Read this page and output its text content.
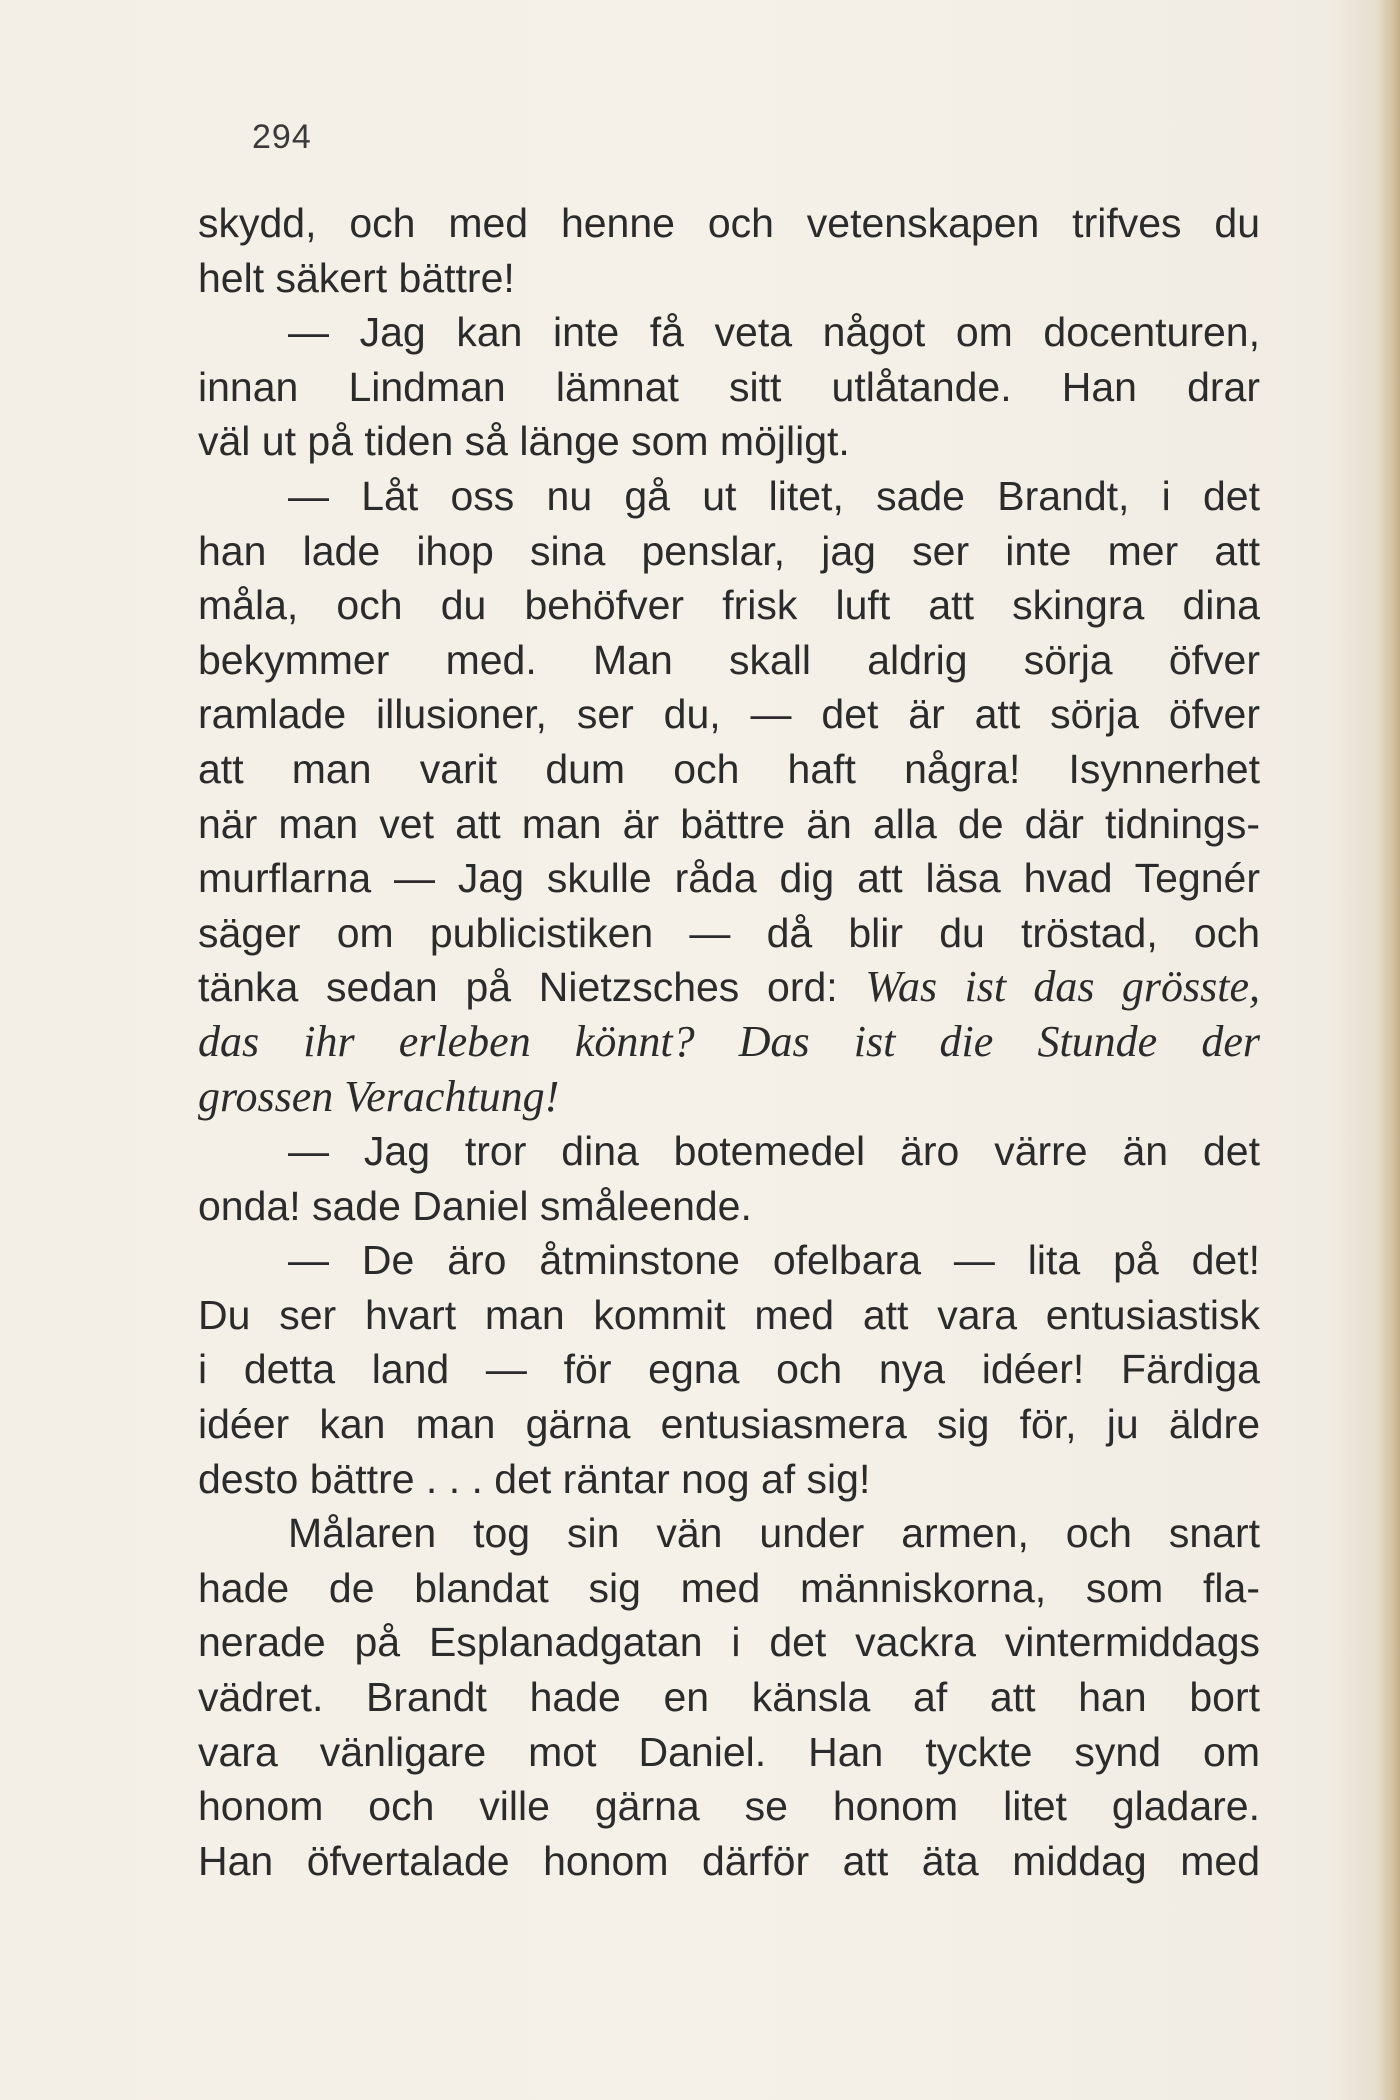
294
skydd, och med henne och vetenskapen trifves du
helt säkert bättre!
— Jag kan inte få veta något om docenturen,
innan Lindman lämnat sitt utlåtande. Han drar
väl ut på tiden så länge som möjligt.
— Låt oss nu gå ut litet, sade Brandt, i det
han lade ihop sina penslar, jag ser inte mer att
måla, och du behöfver frisk luft att skingra dina
bekymmer med. Man skall aldrig sörja öfver
ramlade illusioner, ser du, — det är att sörja öfver
att man varit dum och haft några! Isynnerhet
när man vet att man är bättre än alla de där tidnings-
murflarna — Jag skulle råda dig att läsa hvad Tegnér
säger om publicistiken — då blir du tröstad, och
tänka sedan på Nietzsches ord: Was ist das grösste,
das ihr erleben könnt? Das ist die Stunde der
grossen Verachtung!
— Jag tror dina botemedel äro värre än det
onda! sade Daniel småleende.
— De äro åtminstone ofelbara — lita på det!
Du ser hvart man kommit med att vara entusiastisk
i detta land — för egna och nya idéer! Färdiga
idéer kan man gärna entusiasmera sig för, ju äldre
desto bättre . . . det räntar nog af sig!
Målaren tog sin vän under armen, och snart
hade de blandat sig med människorna, som fla-
nerade på Esplanadgatan i det vackra vintermiddags
vädret. Brandt hade en känsla af att han bort
vara vänligare mot Daniel. Han tyckte synd om
honom och ville gärna se honom litet gladare.
Han öfvertalade honom därför att äta middag med
